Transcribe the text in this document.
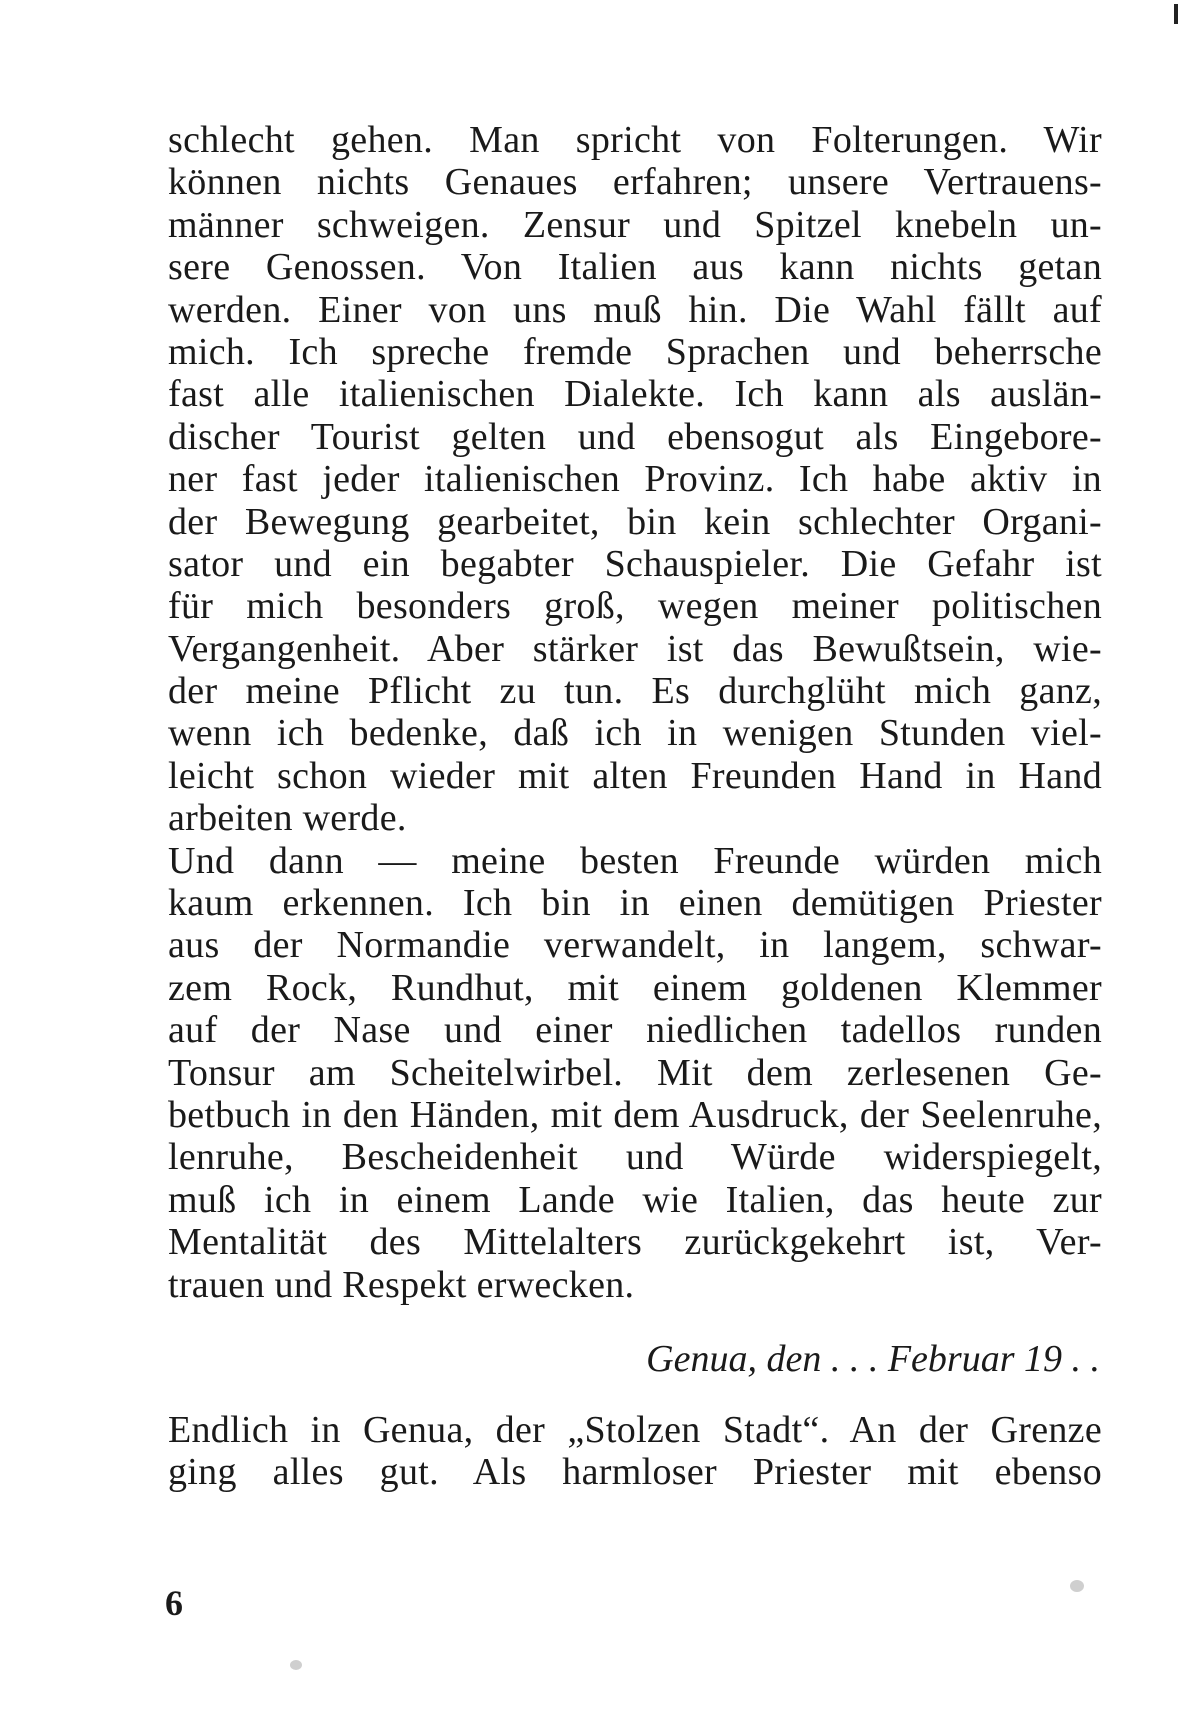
schlecht gehen. Man spricht von Folterungen. Wir
können nichts Genaues erfahren; unsere Vertrauens-
männer schweigen. Zensur und Spitzel knebeln un-
sere Genossen. Von Italien aus kann nichts getan
werden. Einer von uns muß hin. Die Wahl fällt auf
mich. Ich spreche fremde Sprachen und beherrsche
fast alle italienischen Dialekte. Ich kann als auslän-
discher Tourist gelten und ebensogut als Eingebore-
ner fast jeder italienischen Provinz. Ich habe aktiv in
der Bewegung gearbeitet, bin kein schlechter Organi-
sator und ein begabter Schauspieler. Die Gefahr ist
für mich besonders groß, wegen meiner politischen
Vergangenheit. Aber stärker ist das Bewußtsein, wie-
der meine Pflicht zu tun. Es durchglüht mich ganz,
wenn ich bedenke, daß ich in wenigen Stunden viel-
leicht schon wieder mit alten Freunden Hand in Hand
arbeiten werde.
Und dann — meine besten Freunde würden mich
kaum erkennen. Ich bin in einen demütigen Priester
aus der Normandie verwandelt, in langem, schwar-
zem Rock, Rundhut, mit einem goldenen Klemmer
auf der Nase und einer niedlichen tadellos runden
Tonsur am Scheitelwirbel. Mit dem zerlesenen Ge-
betbuch in den Händen, mit dem Ausdruck, der Seelenruhe,
lenruhe, Bescheidenheit und Würde widerspiegelt,
muß ich in einem Lande wie Italien, das heute zur
Mentalität des Mittelalters zurückgekehrt ist, Ver-
trauen und Respekt erwecken.
Genua, den . . . Februar 19 . .
Endlich in Genua, der „Stolzen Stadt“. An der Grenze
ging alles gut. Als harmloser Priester mit ebenso
6
